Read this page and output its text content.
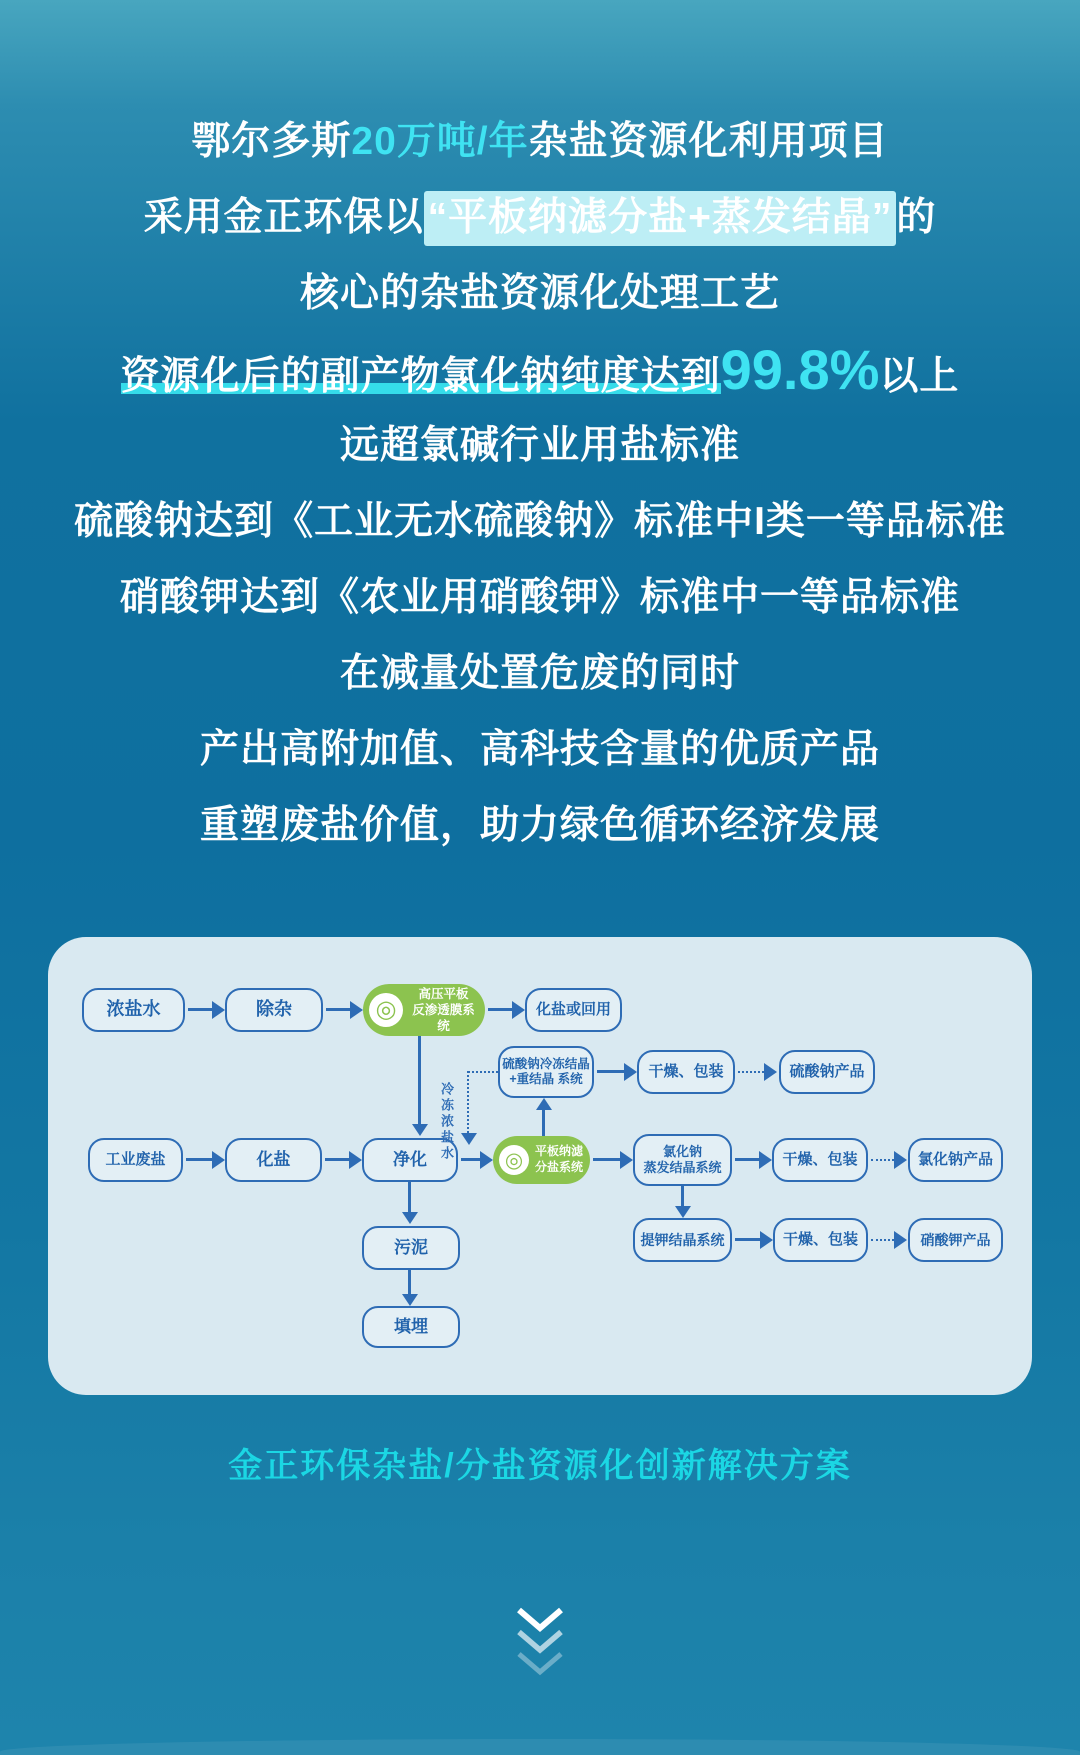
鄂尔多斯20万吨/年杂盐资源化利用项目
采用金正环保以 “平板纳滤分盐+蒸发结晶” 的
核心的杂盐资源化处理工艺
资源化后的副产物氯化钠纯度达到99.8%以上
远超氯碱行业用盐标准
硫酸钠达到《工业无水硫酸钠》标准中I类一等品标准
硝酸钾达到《农业用硝酸钾》标准中一等品标准
在减量处置危废的同时
产出高附加值、高科技含量的优质产品
重塑废盐价值，助力绿色循环经济发展
浓盐水	除杂	◎
高压平板
反渗透膜系统
化盐或回用
硫酸钠冷冻结晶
+重结晶 系统	干燥、包装	硫酸钠产品
工业废盐	化盐	净化	◎ 平板纳滤
分盐系统
氯化钠
蒸发结晶系统	干燥、包装	氯化钠产品
提钾结晶系统	干燥、包装	硝酸钾产品
污泥
填埋
冷冻浓盐水
金正环保杂盐/分盐资源化创新解决方案
